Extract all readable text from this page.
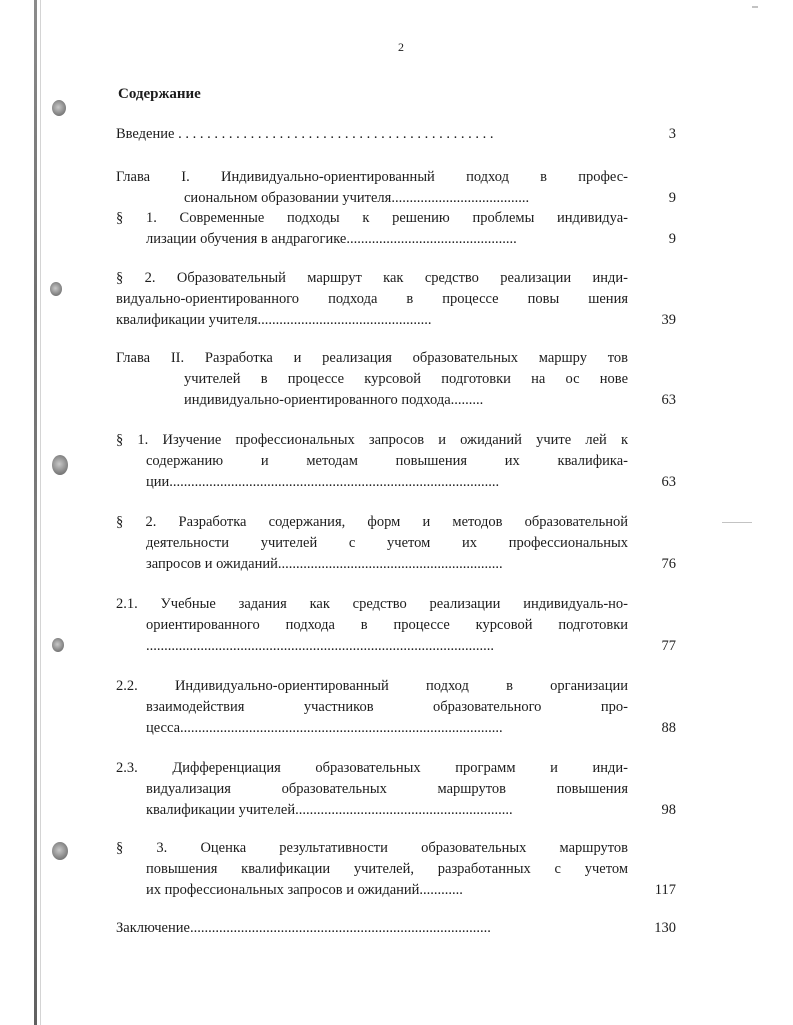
2
Содержание
Введение . . . . . . . . . . . . . . . . . . . . . . . . . . . . . . . . . . . . . . . . . . . .	3
Глава I. Индивидуально-ориентированный подход в профес-
сиональном образовании учителя......................................	9
§ 1. Современные подходы к решению проблемы индивидуа-
лизации обучения в андрагогике...............................................	9
§ 2. Образовательный маршрут как средство реализации инди-
видуально-ориентированного подхода в процессе повы шения
квалификации учителя................................................	39
Глава II. Разработка и реализация образовательных маршру тов
учителей в процессе курсовой подготовки на ос нове
индивидуально-ориентированного подхода.........	63
§ 1. Изучение профессиональных запросов и ожиданий учите лей к
содержанию и методам повышения их квалифика-
ции...........................................................................................	63
§ 2. Разработка содержания, форм и методов образовательной
деятельности учителей с учетом их профессиональных
запросов и ожиданий..............................................................	76
2.1. Учебные задания как средство реализации индивидуаль-но-
ориентированного подхода в процессе курсовой подготовки
................................................................................................	77
2.2. Индивидуально-ориентированный подход в организации
взаимодействия участников образовательного про-
цесса.........................................................................................	88
2.3. Дифференциация образовательных программ и инди-
видуализация образовательных маршрутов повышения
квалификации учителей............................................................	98
§ 3. Оценка результативности образовательных маршрутов
повышения квалификации учителей, разработанных с учетом
их профессиональных запросов и ожиданий............	117
Заключение...................................................................................	130
